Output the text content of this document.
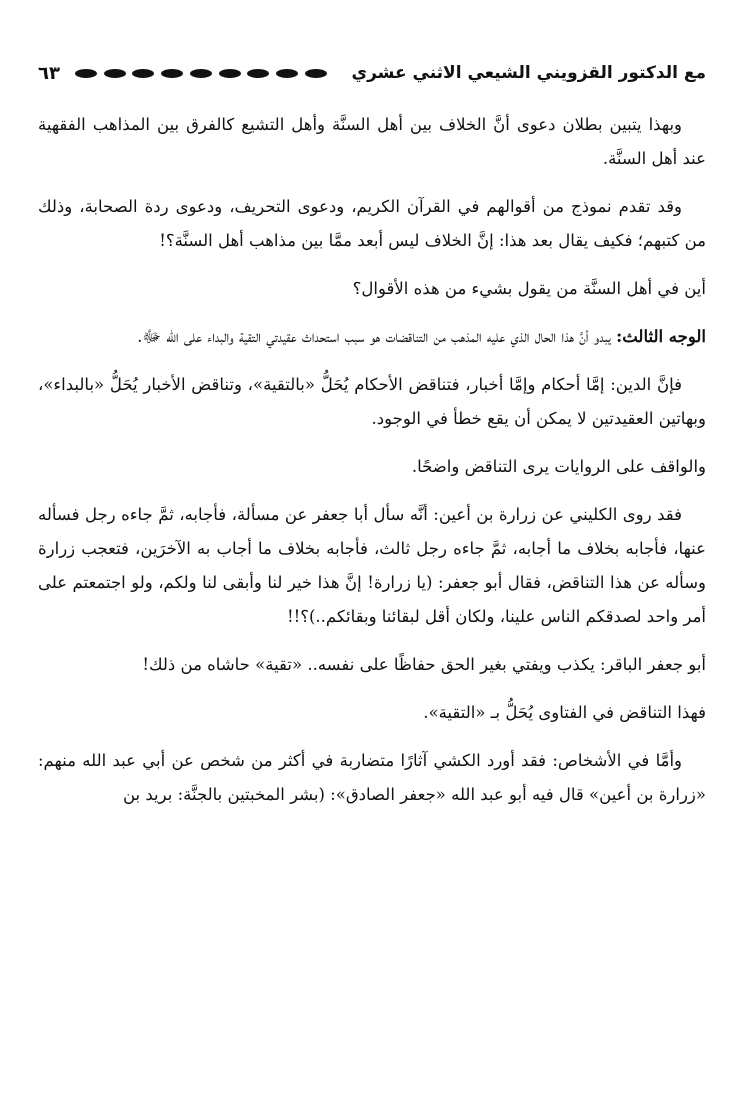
مع الدكتور القزويني الشيعي الاثني عشري
٦٣

وبهذا يتبين بطلان دعوى أنَّ الخلاف بين أهل السنَّة وأهل التشيع كالفرق بين المذاهب الفقهية عند أهل السنَّة.

وقد تقدم نموذج من أقوالهم في القرآن الكريم، ودعوى التحريف، ودعوى ردة الصحابة، وذلك من كتبهم؛ فكيف يقال بعد هذا: إنَّ الخلاف ليس أبعد ممَّا بين مذاهب أهل السنَّة؟!

أين في أهل السنَّة من يقول بشيء من هذه الأقوال؟

الوجه الثالث: يبدو أنَّ هذا الحال الذي عليه المذهب من التناقضات هو سبب استحداث عقيدتي التقية والبداء على الله ﷻ.

فإنَّ الدين: إمَّا أحكام وإمَّا أخبار، فتناقض الأحكام يُحَلُّ «بالتقية»، وتناقض الأخبار يُحَلُّ «بالبداء»، وبهاتين العقيدتين لا يمكن أن يقع خطأ في الوجود.

والواقف على الروايات يرى التناقض واضحًا.

فقد روى الكليني عن زرارة بن أعين: أنَّه سأل أبا جعفر عن مسألة، فأجابه، ثمَّ جاءه رجل فسأله عنها، فأجابه بخلاف ما أجابه، ثمَّ جاءه رجل ثالث، فأجابه بخلاف ما أجاب به الآخرَين، فتعجب زرارة وسأله عن هذا التناقض، فقال أبو جعفر: (يا زرارة! إنَّ هذا خير لنا وأبقى لنا ولكم، ولو اجتمعتم على أمر واحد لصدقكم الناس علينا، ولكان أقل لبقائنا وبقائكم..)؟!!

أبو جعفر الباقر: يكذب ويفتي بغير الحق حفاظًا على نفسه.. «تقية» حاشاه من ذلك!

فهذا التناقض في الفتاوى يُحَلُّ بـ «التقية».

وأمَّا في الأشخاص: فقد أورد الكشي آثارًا متضاربة في أكثر من شخص عن أبي عبد الله منهم: «زرارة بن أعين» قال فيه أبو عبد الله «جعفر الصادق»: (بشر المخبتين بالجنَّة: بريد بن
